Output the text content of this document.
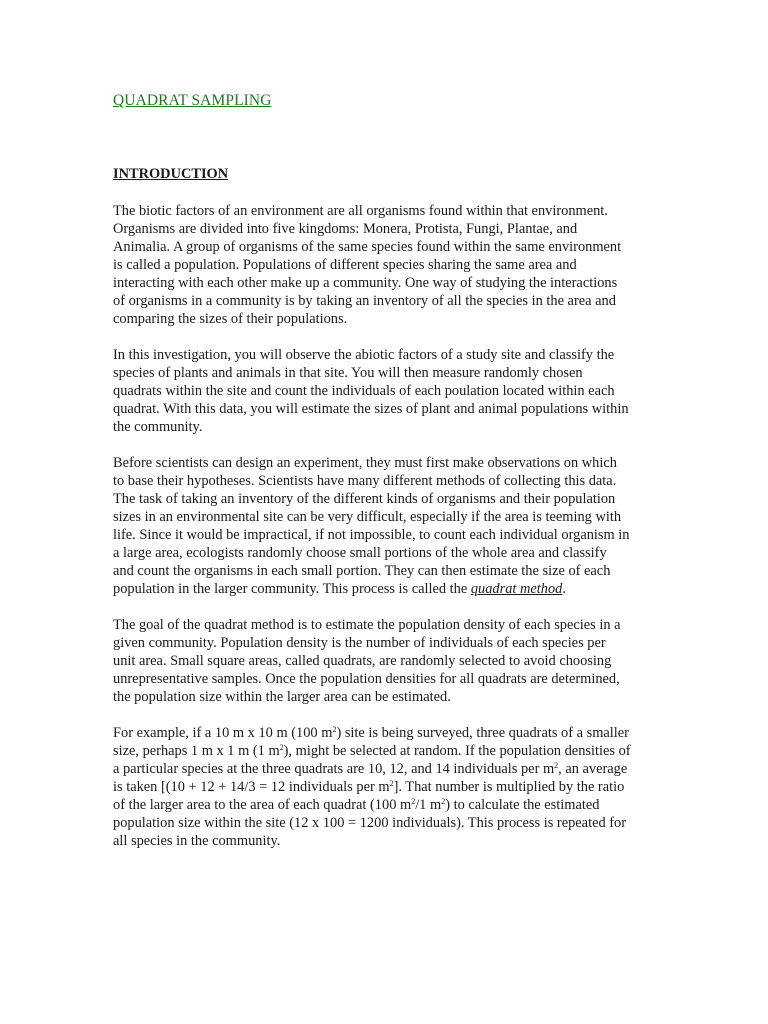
QUADRAT SAMPLING
INTRODUCTION

The biotic factors of an environment are all organisms found within that environment.
Organisms are divided into five kingdoms: Monera, Protista, Fungi, Plantae, and
Animalia. A group of organisms of the same species found within the same environment
is called a population. Populations of different species sharing the same area and
interacting with each other make up a community. One way of studying the interactions
of organisms in a community is by taking an inventory of all the species in the area and
comparing the sizes of their populations.

In this investigation, you will observe the abiotic factors of a study site and classify the
species of plants and animals in that site. You will then measure randomly chosen
quadrats within the site and count the individuals of each poulation located within each
quadrat. With this data, you will estimate the sizes of plant and animal populations within
the community.

Before scientists can design an experiment, they must first make observations on which
to base their hypotheses. Scientists have many different methods of collecting this data.
The task of taking an inventory of the different kinds of organisms and their population
sizes in an environmental site can be very difficult, especially if the area is teeming with
life. Since it would be impractical, if not impossible, to count each individual organism in
a large area, ecologists randomly choose small portions of the whole area and classify
and count the organisms in each small portion. They can then estimate the size of each
population in the larger community. This process is called the quadrat method.

The goal of the quadrat method is to estimate the population density of each species in a
given community. Population density is the number of individuals of each species per
unit area. Small square areas, called quadrats, are randomly selected to avoid choosing
unrepresentative samples. Once the population densities for all quadrats are determined,
the population size within the larger area can be estimated.

For example, if a 10 m x 10 m (100 $m^2$) site is being surveyed, three quadrats of a smaller
size, perhaps 1 m x 1 m (1 $m^2$), might be selected at random. If the population densities of
a particular species at the three quadrats are 10, 12, and 14 individuals per $m^2$, an average
is taken [(10 + 12 + 14/3 = 12 individuals per $m^2$]. That number is multiplied by the ratio
of the larger area to the area of each quadrat (100 $m^2/1$ $m^2$) to calculate the estimated
population size within the site (12 x 100 = 1200 individuals). This process is repeated for
all species in the community.
